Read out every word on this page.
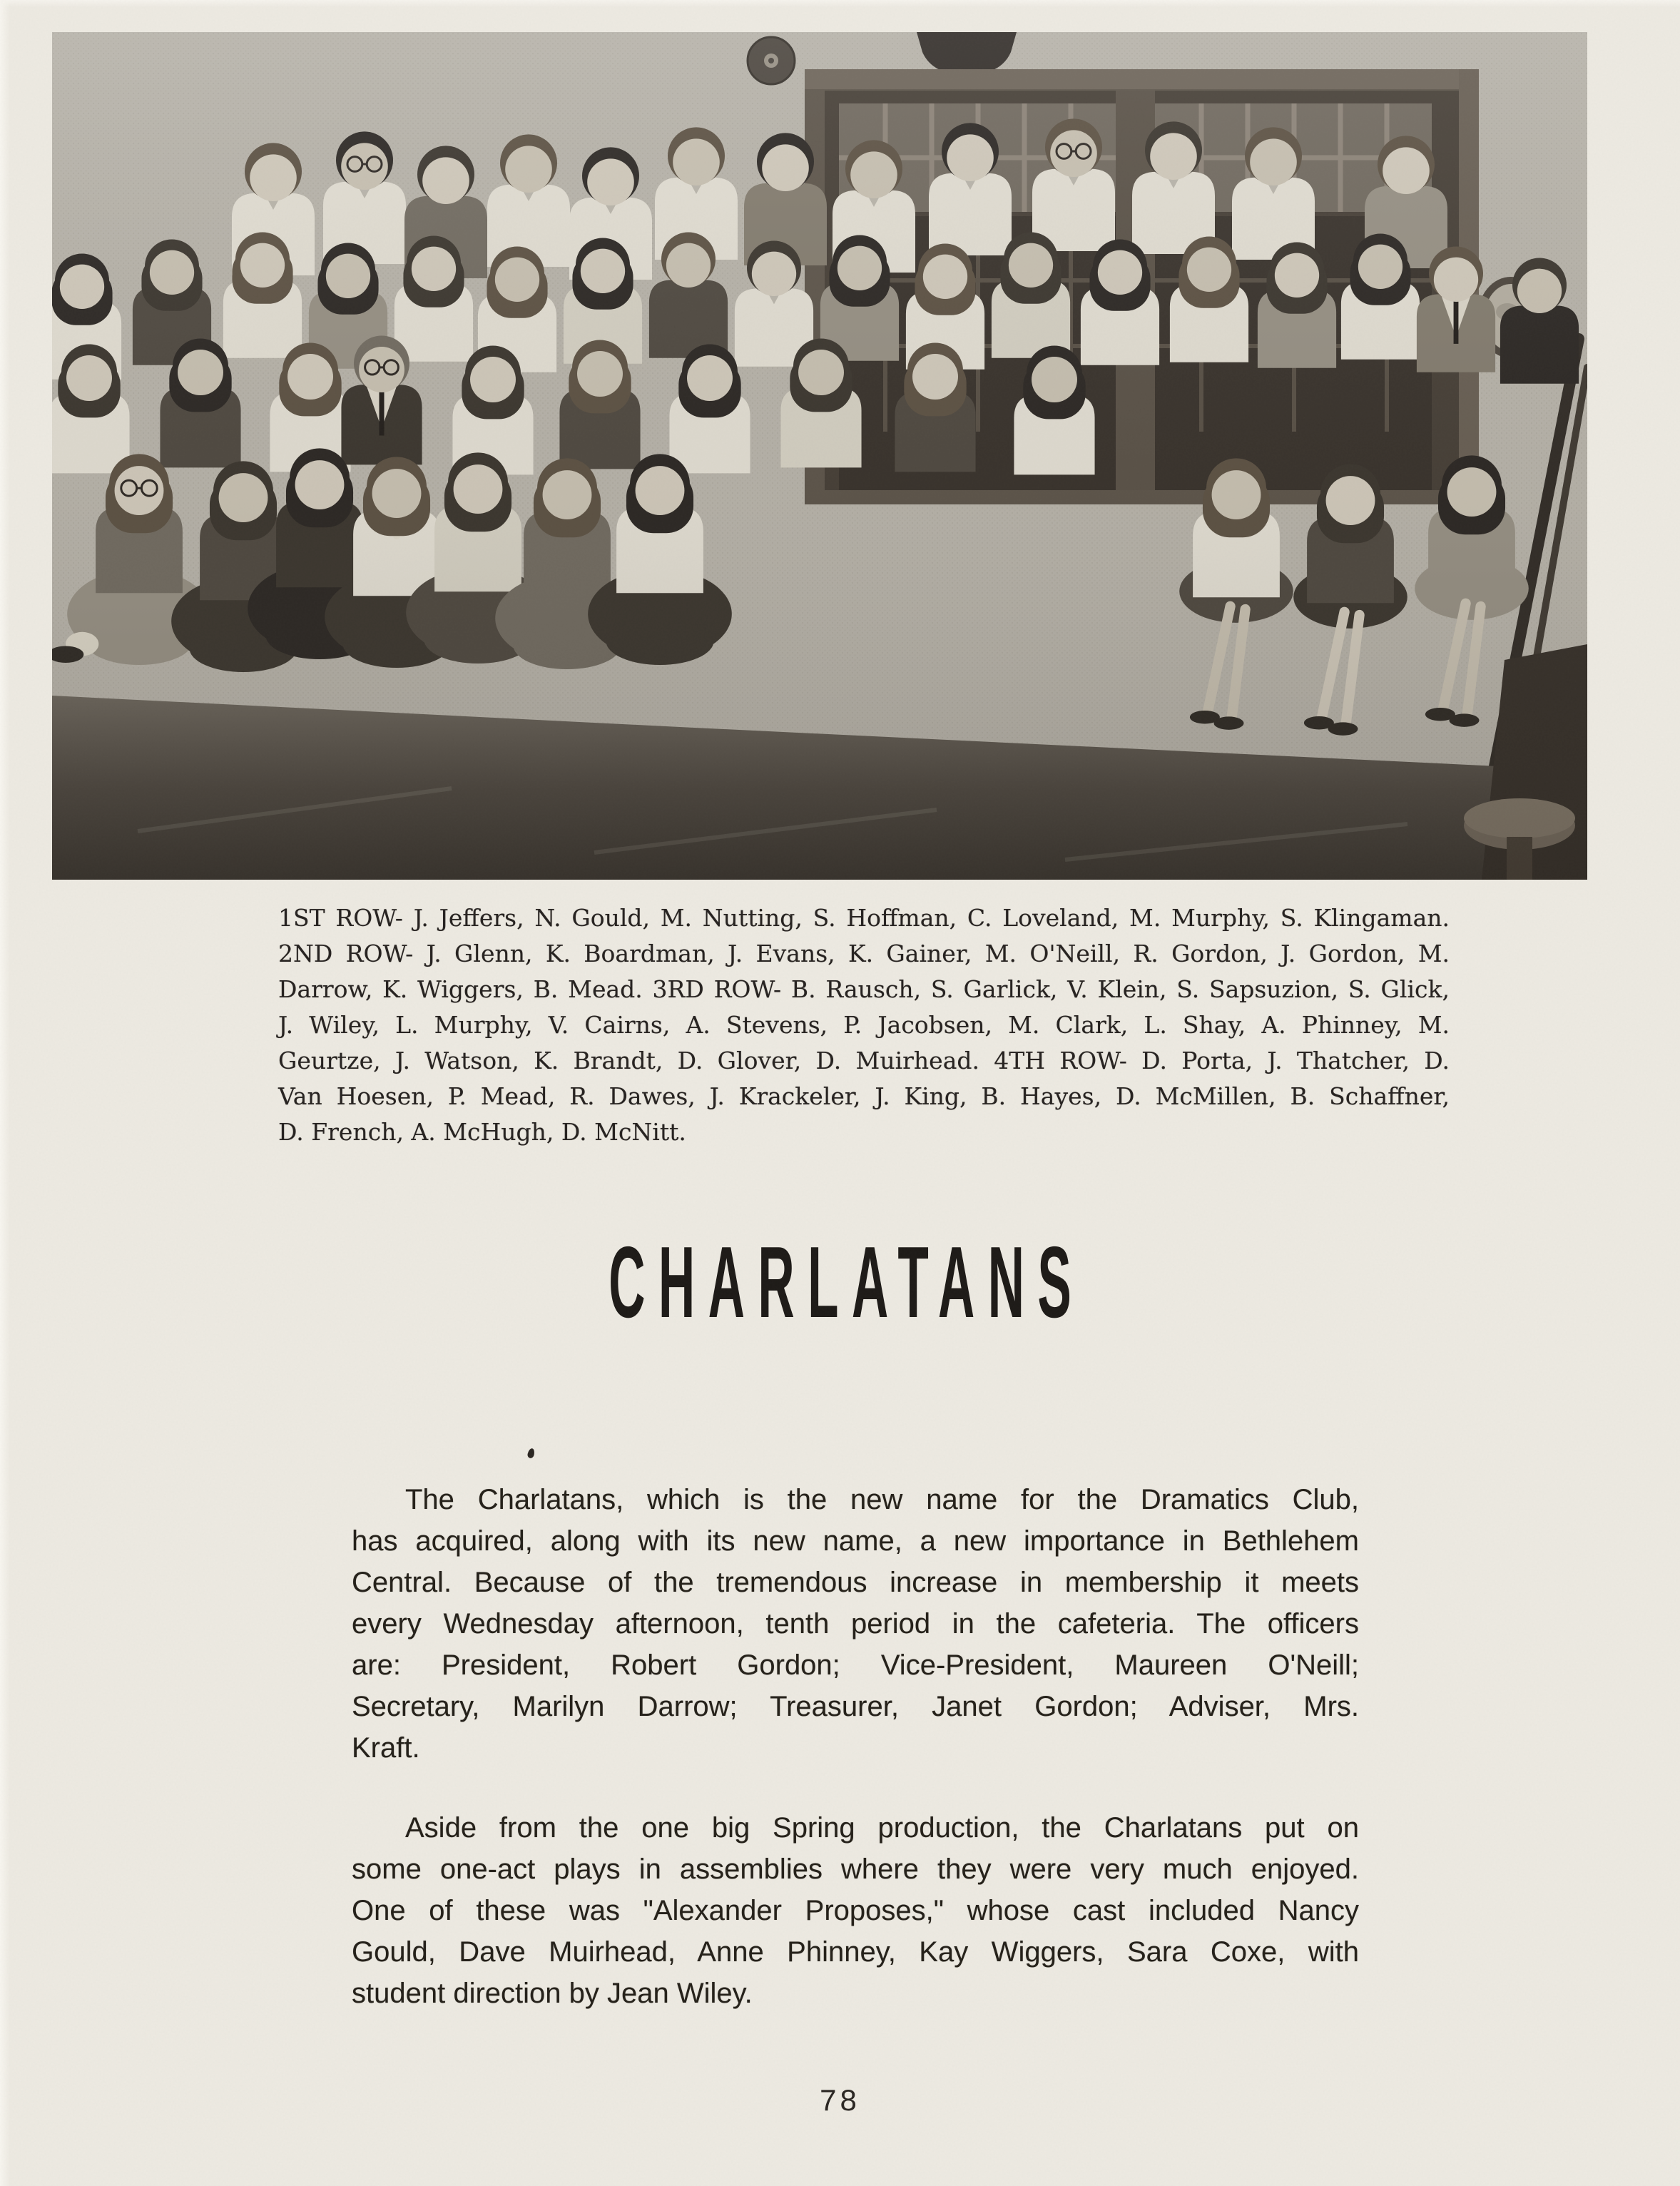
1ST ROW- J. Jeffers, N. Gould, M. Nutting, S. Hoffman, C. Loveland, M. Murphy, S. Klingaman.
2ND ROW- J. Glenn, K. Boardman, J. Evans, K. Gainer, M. O'Neill, R. Gordon, J. Gordon, M.
Darrow, K. Wiggers, B. Mead. 3RD ROW- B. Rausch, S. Garlick, V. Klein, S. Sapsuzion, S. Glick,
J. Wiley, L. Murphy, V. Cairns, A. Stevens, P. Jacobsen, M. Clark, L. Shay, A. Phinney, M.
Geurtze, J. Watson, K. Brandt, D. Glover, D. Muirhead. 4TH ROW- D. Porta, J. Thatcher, D.
Van Hoesen, P. Mead, R. Dawes, J. Krackeler, J. King, B. Hayes, D. McMillen, B. Schaffner,
D. French, A. McHugh, D. McNitt.
CHARLATANS
The Charlatans, which is the new name for the Dramatics Club,
has acquired, along with its new name, a new importance in Bethlehem
Central. Because of the tremendous increase in membership it meets
every Wednesday afternoon, tenth period in the cafeteria. The officers
are: President, Robert Gordon; Vice-President, Maureen O'Neill;
Secretary, Marilyn Darrow; Treasurer, Janet Gordon; Adviser, Mrs.
Kraft.
Aside from the one big Spring production, the Charlatans put on
some one-act plays in assemblies where they were very much enjoyed.
One of these was "Alexander Proposes," whose cast included Nancy
Gould, Dave Muirhead, Anne Phinney, Kay Wiggers, Sara Coxe, with
student direction by Jean Wiley.
78
